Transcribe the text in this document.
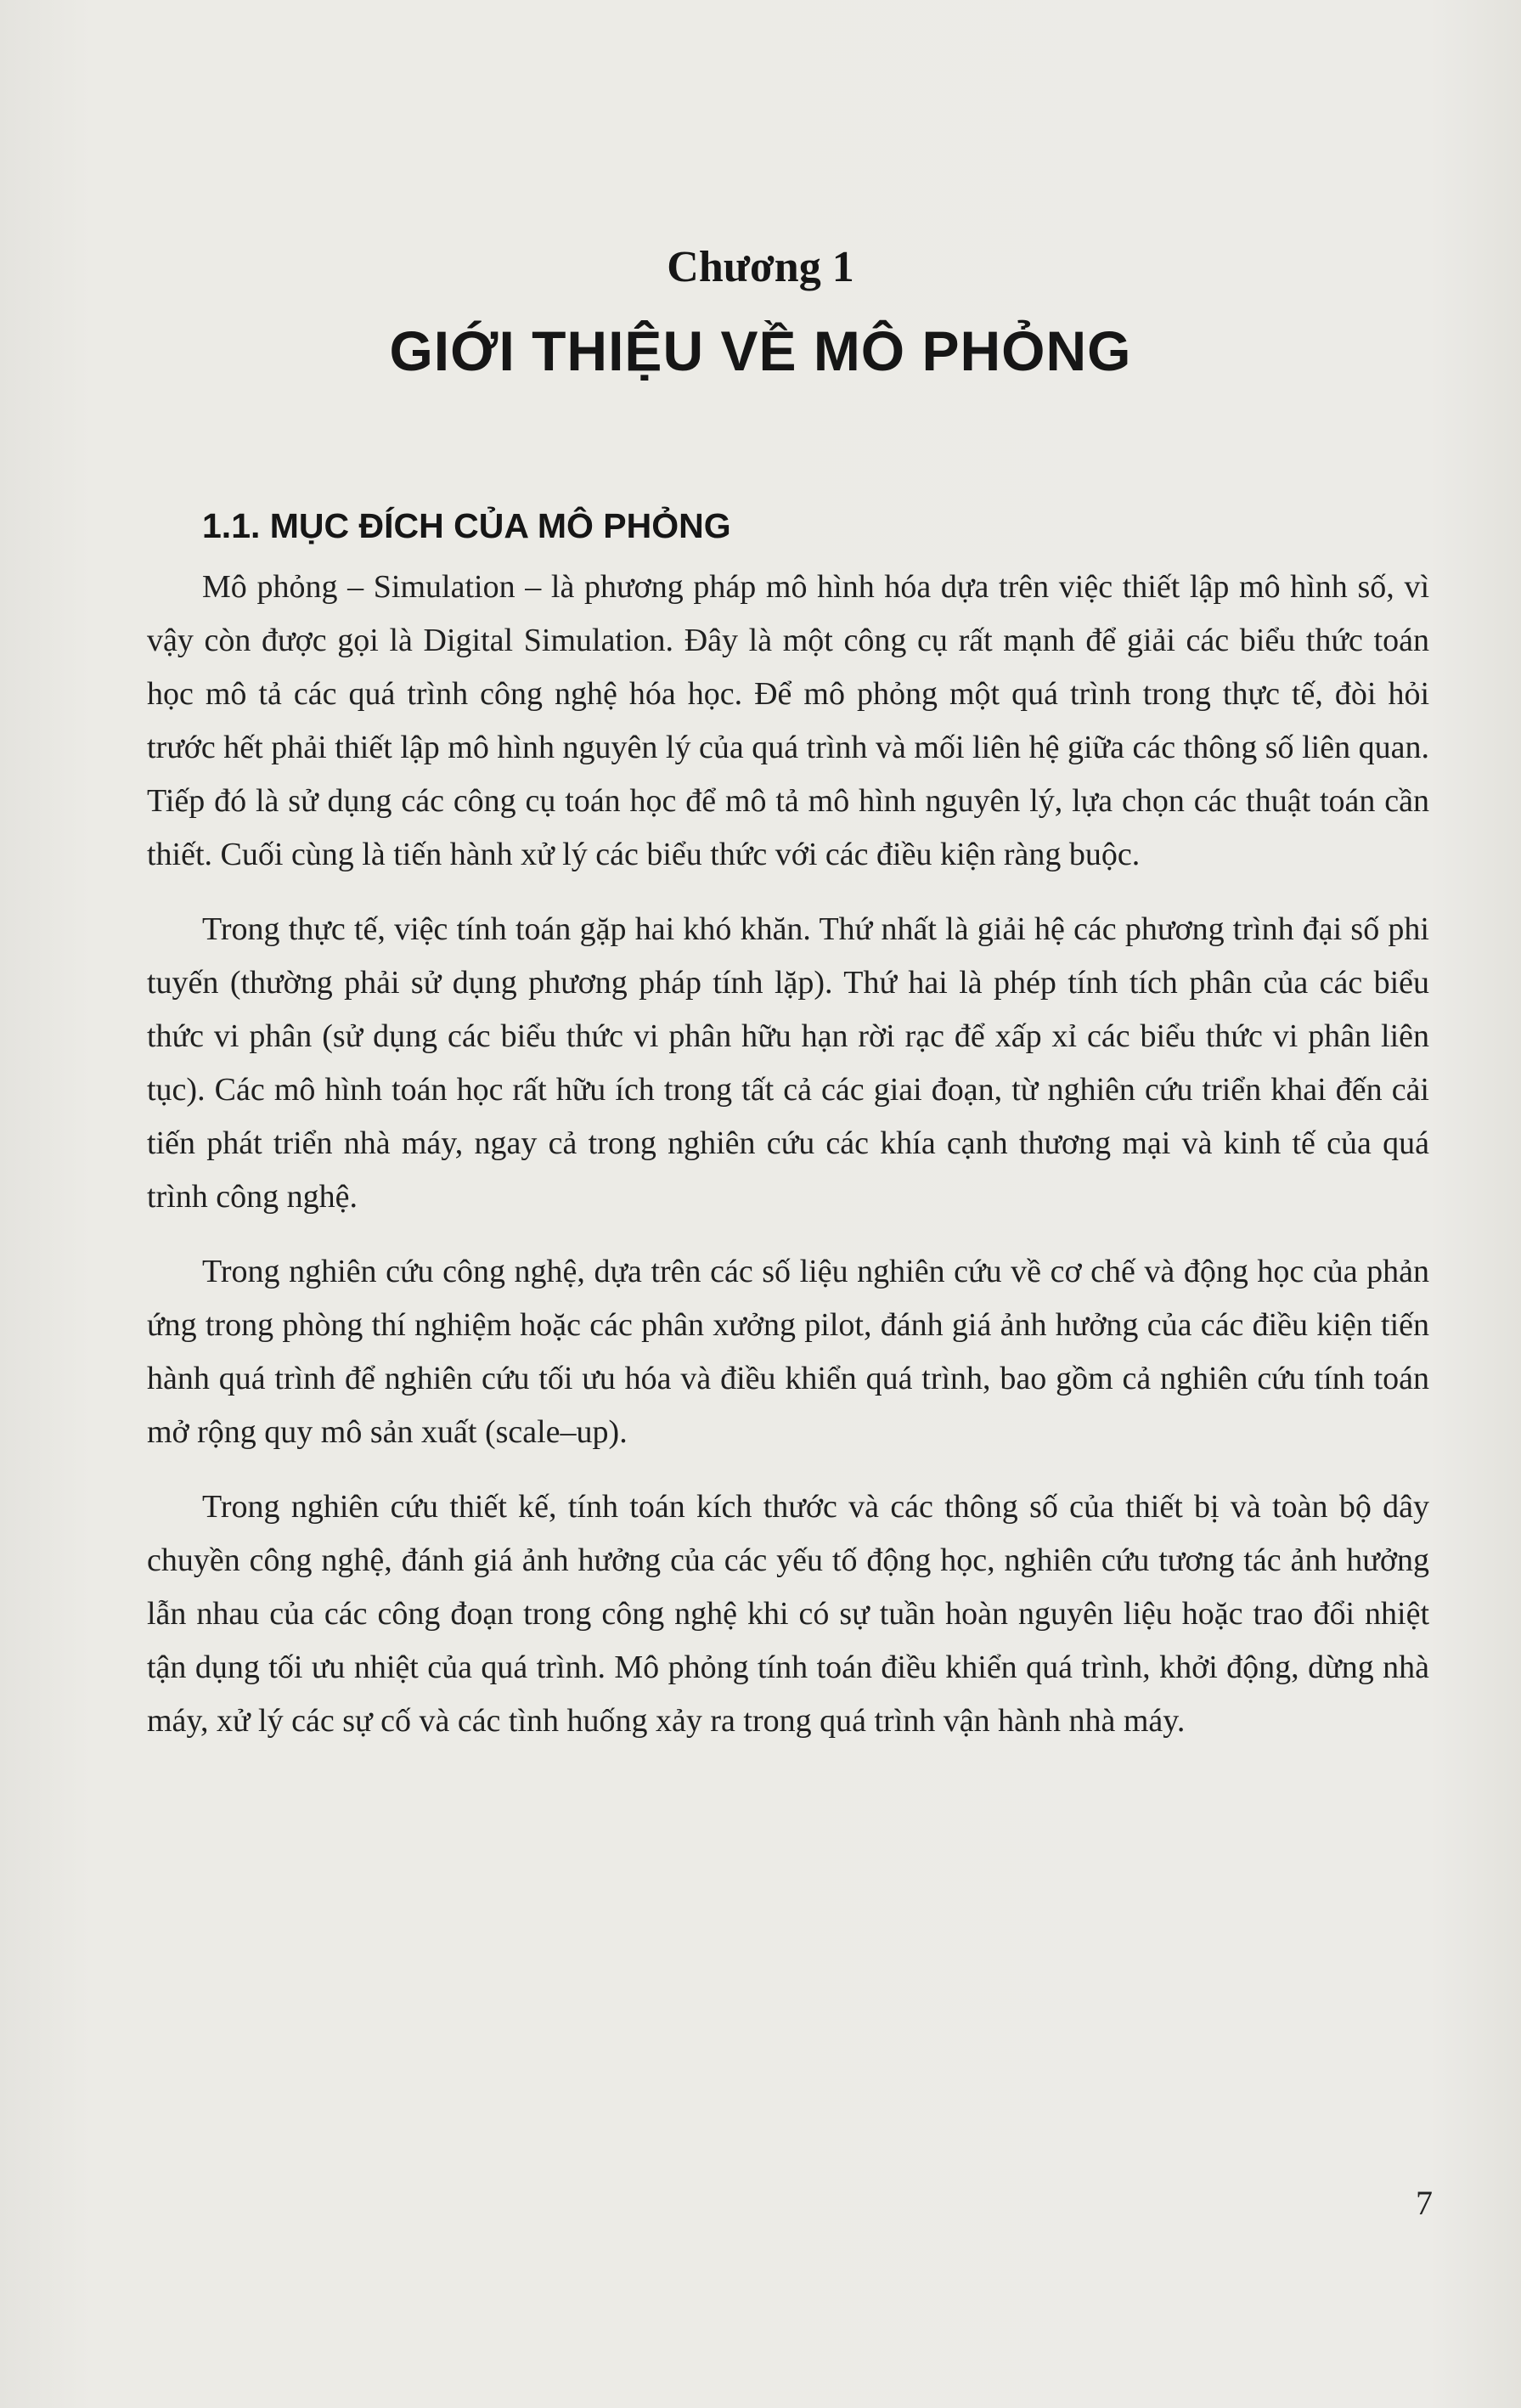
Chương 1
GIỚI THIỆU VỀ MÔ PHỎNG
1.1. MỤC ĐÍCH CỦA MÔ PHỎNG

Mô phỏng – Simulation – là phương pháp mô hình hóa dựa trên việc thiết lập mô hình số, vì vậy còn được gọi là Digital Simulation. Đây là một công cụ rất mạnh để giải các biểu thức toán học mô tả các quá trình công nghệ hóa học. Để mô phỏng một quá trình trong thực tế, đòi hỏi trước hết phải thiết lập mô hình nguyên lý của quá trình và mối liên hệ giữa các thông số liên quan. Tiếp đó là sử dụng các công cụ toán học để mô tả mô hình nguyên lý, lựa chọn các thuật toán cần thiết. Cuối cùng là tiến hành xử lý các biểu thức với các điều kiện ràng buộc.

Trong thực tế, việc tính toán gặp hai khó khăn. Thứ nhất là giải hệ các phương trình đại số phi tuyến (thường phải sử dụng phương pháp tính lặp). Thứ hai là phép tính tích phân của các biểu thức vi phân (sử dụng các biểu thức vi phân hữu hạn rời rạc để xấp xỉ các biểu thức vi phân liên tục). Các mô hình toán học rất hữu ích trong tất cả các giai đoạn, từ nghiên cứu triển khai đến cải tiến phát triển nhà máy, ngay cả trong nghiên cứu các khía cạnh thương mại và kinh tế của quá trình công nghệ.

Trong nghiên cứu công nghệ, dựa trên các số liệu nghiên cứu về cơ chế và động học của phản ứng trong phòng thí nghiệm hoặc các phân xưởng pilot, đánh giá ảnh hưởng của các điều kiện tiến hành quá trình để nghiên cứu tối ưu hóa và điều khiển quá trình, bao gồm cả nghiên cứu tính toán mở rộng quy mô sản xuất (scale–up).

Trong nghiên cứu thiết kế, tính toán kích thước và các thông số của thiết bị và toàn bộ dây chuyền công nghệ, đánh giá ảnh hưởng của các yếu tố động học, nghiên cứu tương tác ảnh hưởng lẫn nhau của các công đoạn trong công nghệ khi có sự tuần hoàn nguyên liệu hoặc trao đổi nhiệt tận dụng tối ưu nhiệt của quá trình. Mô phỏng tính toán điều khiển quá trình, khởi động, dừng nhà máy, xử lý các sự cố và các tình huống xảy ra trong quá trình vận hành nhà máy.

7
